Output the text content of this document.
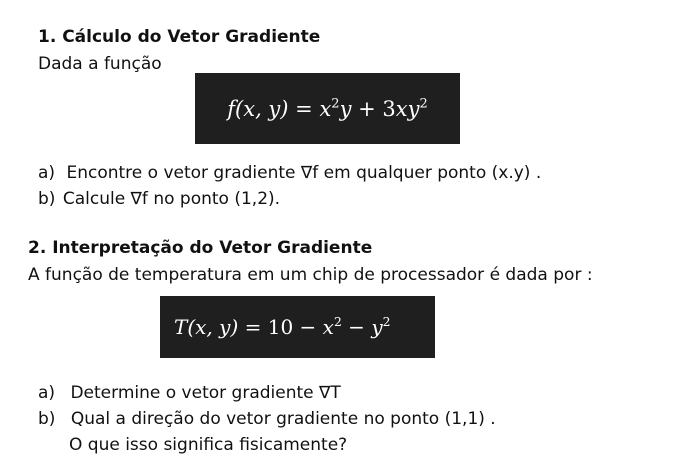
1. Cálculo do Vetor Gradiente
Dada a função
f(x, $y) = x^2y + 3xy^2$
a) Encontre o vetor gradiente ∇f em qualquer ponto (x.y) .
b) Calcule ∇f no ponto (1,2).
2. Interpretação do Vetor Gradiente
A função de temperatura em um chip de processador é dada por :
T(x, $y) = 10 - x^2 - y^2$
a) Determine o vetor gradiente ∇T
b) Qual a direção do vetor gradiente no ponto (1,1) .
O que isso significa fisicamente?
